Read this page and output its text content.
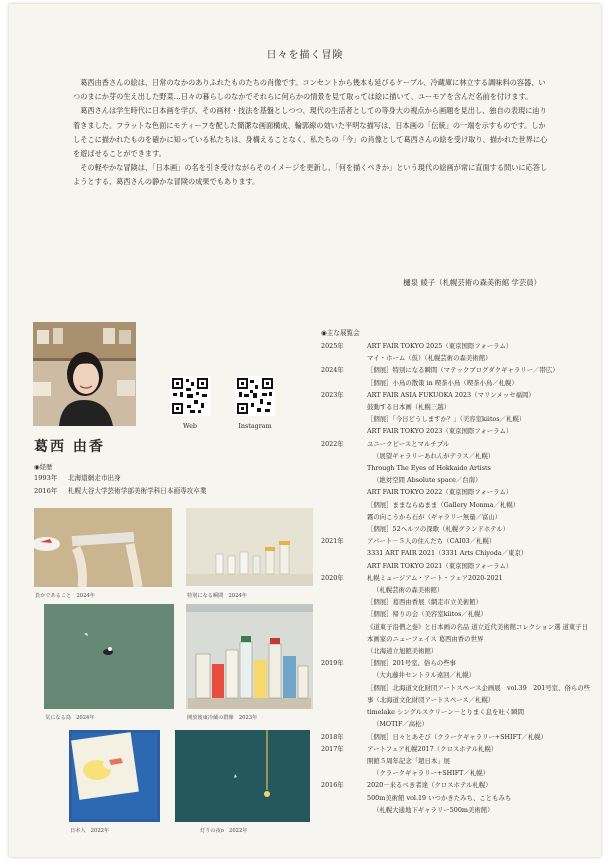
日々を描く冒険

葛西由香さんの絵は、日常のなかのありふれたものたちの肖像です。コンセントから幾本も延びるケーブル、冷蔵庫に林立する調味料の容器、いつのまにか芽の生え出した野菜…日々の暮らしのなかでそれらに何らかの情景を見て取っては絵に描いて、ユーモアを含んだ名前を付けます。

葛西さんは学生時代に日本画を学び、その画材・技法を基盤としつつ、現代の生活者としての等身大の視点から画題を見出し、独自の表現に辿り着きました。フラットな色面にモティーフを配した簡潔な画面構成、輪郭線の効いた平明な描写は、日本画の「伝統」の一端を示すものです。しかしそこに描かれたものを確かに知っている私たちは、身構えることなく、私たちの「今」の肖像として葛西さんの絵を受け取り、描かれた世界に心を遊ばせることができます。

その軽やかな冒険は、「日本画」の名を引き受けながらそのイメージを更新し、「何を描くべきか」という現代の絵画が常に直面する問いに応答しようとする、葛西さんの静かな冒険の成果でもあります。

樋泉 綾子（札幌芸術の森美術館 学芸員）
Web	Instagram
葛西 由香
◉経歴
1993年 北海道網走市出身
2016年 札幌大谷大学芸術学部美術学科日本画専攻卒業
負かであること　2024年	特別になる瞬間　2024年
気になる鳥　2024年	開放後東冷蔵の群像　2023年
日本人　2022年	灯りの夜o　2022年
◉主な展覧会
2025年	ART FAIR TOKYO 2025（東京国際フォーラム）
マイ・ホーム（仮）（札幌芸術の森美術館）
2024年	［個展］特別になる瞬間（マテックブログダクギャラリー／帯広）
［個展］小鳥の散策 in 喫茶小鳥（喫茶小鳥／札幌）
2023年	ART FAIR ASIA FUKUOKA 2023（マリンメッセ福岡）
鼓動する日本画（札幌三越）
［個展］「今日どうしますか？」（美容室kiitos／札幌）
ART FAIR TOKYO 2023（東京国際フォーラム）
2022年	ユニークピースとマルチプル
（展望ギャラリーあれんがテラス／札幌）
Through The Eyes of Hokkaido Artists
（絶対空間 Absolute space／台南）
ART FAIR TOKYO 2022（東京国際フォーラム）
［個展］ままならぬまま（Gallery Monma／札幌）
霧の向こうから石が（ギャラリー無量／富山）
［個展］52ヘルツの深歌（札幌グランドホテル）
2021年	アパート－５人の住んだち（CAI03／札幌）
3331 ART FAIR 2021（3331 Arts Chiyoda／東京）
ART FAIR TOKYO 2021（東京国際フォーラム）
2020年	札幌ミュージアム・アート・フェア2020-2021
（札幌芸術の森美術館）
［個展］葛西由香展（網走市立美術館）
［個展］帰りの会（美容室kiitos／札幌）
《道東子沿僧之巻》と日本画の名品 道立近代美術館コレクション選 道東子日本画家のニューフェイス 葛西由香の世界
（北海道立旭館美術館）
2019年	［個展］201号室、俗らの些事
（大丸藤井セントラル遠回／札幌）
［個展］北海道文化財団アートスペース企画展　vol.39　201号室、俗らの些事（北海道文化財団アートスペース／札幌）
timelake シングルスクリーン－とりまく息を吐く瞬間
（MOTIF／高松）
2018年	［個展］日々とあそび（クラークギャラリー+SHIFT／札幌）
2017年	アートフェア札幌2017（クロスホテル札幌）
開館５周年記念「超日本」展
（クラークギャラリー+SHIFT／札幌）
2016年	2020－来るべき者達（クロスホテル札幌）
500m美術館 vol.19 いつかきたみち、こともみち
（札幌大通地下ギャラリー500m美術館）
